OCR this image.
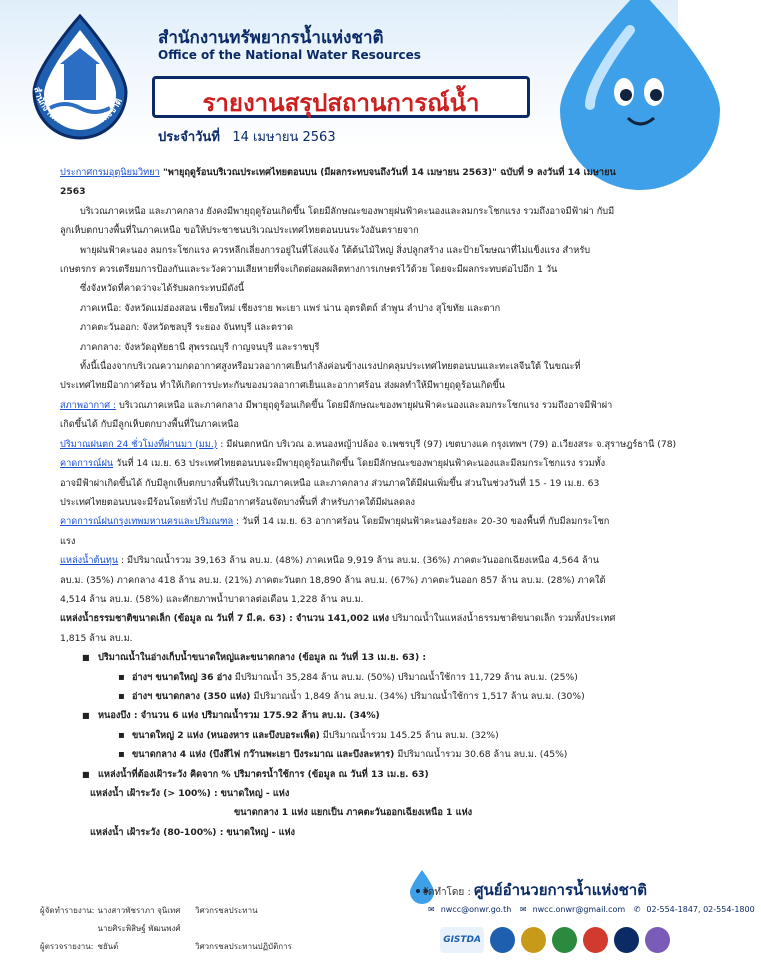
สำนักงานทรัพยากรน้ำแห่งชาติ
สำนักงานทรัพยากรน้ำแห่งชาติ
Office of the National Water Resources
รายงานสรุปสถานการณ์น้ำ
ประจำวันที่ 14 เมษายน 2563

ประกาศกรมอุตุนิยมวิทยา "พายุฤดูร้อนบริเวณประเทศไทยตอนบน (มีผลกระทบจนถึงวันที่ 14 เมษายน 2563)" ฉบับที่ 9 ลงวันที่ 14 เมษายน 2563

บริเวณภาคเหนือ และภาคกลาง ยังคงมีพายุฤดูร้อนเกิดขึ้น โดยมีลักษณะของพายุฝนฟ้าคะนองและลมกระโชกแรง รวมถึงอาจมีฟ้าผ่า กับมีลูกเห็บตกบางพื้นที่ในภาคเหนือ ขอให้ประชาชนบริเวณประเทศไทยตอนบนระวังอันตรายจาก

พายุฝนฟ้าคะนอง ลมกระโชกแรง ควรหลีกเลี่ยงการอยู่ในที่โล่งแจ้ง ใต้ต้นไม้ใหญ่ สิ่งปลูกสร้าง และป้ายโฆษณาที่ไม่แข็งแรง สำหรับเกษตรกร ควรเตรียมการป้องกันและระวังความเสียหายที่จะเกิดต่อผลผลิตทางการเกษตรไว้ด้วย โดยจะมีผลกระทบต่อไปอีก 1 วัน

ซึ่งจังหวัดที่คาดว่าจะได้รับผลกระทบมีดังนี้

ภาคเหนือ: จังหวัดแม่ฮ่องสอน เชียงใหม่ เชียงราย พะเยา แพร่ น่าน อุตรดิตถ์ ลำพูน ลำปาง สุโขทัย และตาก

ภาคตะวันออก: จังหวัดชลบุรี ระยอง จันทบุรี และตราด

ภาคกลาง: จังหวัดอุทัยธานี สุพรรณบุรี กาญจนบุรี และราชบุรี

ทั้งนี้เนื่องจากบริเวณความกดอากาศสูงหรือมวลอากาศเย็นกำลังค่อนข้างแรงปกคลุมประเทศไทยตอนบนและทะเลจีนใต้ ในขณะที่ประเทศไทยมีอากาศร้อน ทำให้เกิดการปะทะกันของมวลอากาศเย็นและอากาศร้อน ส่งผลทำให้มีพายุฤดูร้อนเกิดขึ้น

สภาพอากาศ : บริเวณภาคเหนือ และภาคกลาง มีพายุฤดูร้อนเกิดขึ้น โดยมีลักษณะของพายุฝนฟ้าคะนองและลมกระโชกแรง รวมถึงอาจมีฟ้าผ่า เกิดขึ้นได้ กับมีลูกเห็บตกบางพื้นที่ในภาคเหนือ

ปริมาณฝนตก 24 ชั่วโมงที่ผ่านมา (มม.) : มีฝนตกหนัก บริเวณ อ.หนองหญ้าปล้อง จ.เพชรบุรี (97) เขตบางแค กรุงเทพฯ (79) อ.เวียงสระ จ.สุราษฎร์ธานี (78)

คาดการณ์ฝน วันที่ 14 เม.ย. 63 ประเทศไทยตอนบนจะมีพายุฤดูร้อนเกิดขึ้น โดยมีลักษณะของพายุฝนฟ้าคะนองและมีลมกระโชกแรง รวมทั้งอาจมีฟ้าผ่าเกิดขึ้นได้ กับมีลูกเห็บตกบางพื้นที่ในบริเวณภาคเหนือ และภาคกลาง ส่วนภาคใต้มีฝนเพิ่มขึ้น ส่วนในช่วงวันที่ 15 - 19 เม.ย. 63 ประเทศไทยตอนบนจะมีร้อนโดยทั่วไป กับมีอากาศร้อนจัดบางพื้นที่ สำหรับภาคใต้มีฝนลดลง

คาดการณ์ฝนกรุงเทพมหานครและปริมณฑล : วันที่ 14 เม.ย. 63 อากาศร้อน โดยมีพายุฝนฟ้าคะนองร้อยละ 20-30 ของพื้นที่ กับมีลมกระโชกแรง

แหล่งน้ำต้นทุน : มีปริมาณน้ำรวม 39,163 ล้าน ลบ.ม. (48%) ภาคเหนือ 9,919 ล้าน ลบ.ม. (36%) ภาคตะวันออกเฉียงเหนือ 4,564 ล้าน ลบ.ม. (35%) ภาคกลาง 418 ล้าน ลบ.ม. (21%) ภาคตะวันตก 18,890 ล้าน ลบ.ม. (67%) ภาคตะวันออก 857 ล้าน ลบ.ม. (28%) ภาคใต้ 4,514 ล้าน ลบ.ม. (58%) และศักยภาพน้ำบาดาลต่อเดือน 1,228 ล้าน ลบ.ม.

แหล่งน้ำธรรมชาติขนาดเล็ก (ข้อมูล ณ วันที่ 7 มี.ค. 63) : จำนวน 141,002 แห่ง ปริมาณน้ำในแหล่งน้ำธรรมชาติขนาดเล็ก รวมทั้งประเทศ 1,815 ล้าน ลบ.ม.

■ ปริมาณน้ำในอ่างเก็บน้ำขนาดใหญ่และขนาดกลาง (ข้อมูล ณ วันที่ 13 เม.ย. 63) :

▪ อ่างฯ ขนาดใหญ่ 36 อ่าง มีปริมาณน้ำ 35,284 ล้าน ลบ.ม. (50%) ปริมาณน้ำใช้การ 11,729 ล้าน ลบ.ม. (25%)

▪ อ่างฯ ขนาดกลาง (350 แห่ง) มีปริมาณน้ำ 1,849 ล้าน ลบ.ม. (34%) ปริมาณน้ำใช้การ 1,517 ล้าน ลบ.ม. (30%)

■ หนองบึง : จำนวน 6 แห่ง ปริมาณน้ำรวม 175.92 ล้าน ลบ.ม. (34%)

▪ ขนาดใหญ่ 2 แห่ง (หนองหาร และบึงบอระเพ็ด) มีปริมาณน้ำรวม 145.25 ล้าน ลบ.ม. (32%)

▪ ขนาดกลาง 4 แห่ง (บึงสีไฟ กว๊านพะเยา บึงระมาณ และบึงละหาร) มีปริมาณน้ำรวม 30.68 ล้าน ลบ.ม. (45%)

■ แหล่งน้ำที่ต้องเฝ้าระวัง คิดจาก % ปริมาตรน้ำใช้การ (ข้อมูล ณ วันที่ 13 เม.ย. 63)

แหล่งน้ำ เฝ้าระวัง (> 100%) : ขนาดใหญ่ - แห่ง

ขนาดกลาง 1 แห่ง แยกเป็น ภาคตะวันออกเฉียงเหนือ 1 แห่ง

แหล่งน้ำ เฝ้าระวัง (80-100%) : ขนาดใหญ่ - แห่ง

ผู้จัดทำรายงาน: นางสาวพัชราภา จุนิเทศ วิศวกรชลประทาน
ผู้ตรวจรายงาน: นายศิระพิสิษฐ์ พัฒนพงศ์ชยันต์	วิศวกรชลประทานปฏิบัติการ
จัดทำโดย : ศูนย์อำนวยการน้ำแห่งชาติ
✉ nwcc@onwr.go.th ✉ nwcc.onwr@gmail.com ✆ 02-554-1847, 02-554-1800
GISTDA
